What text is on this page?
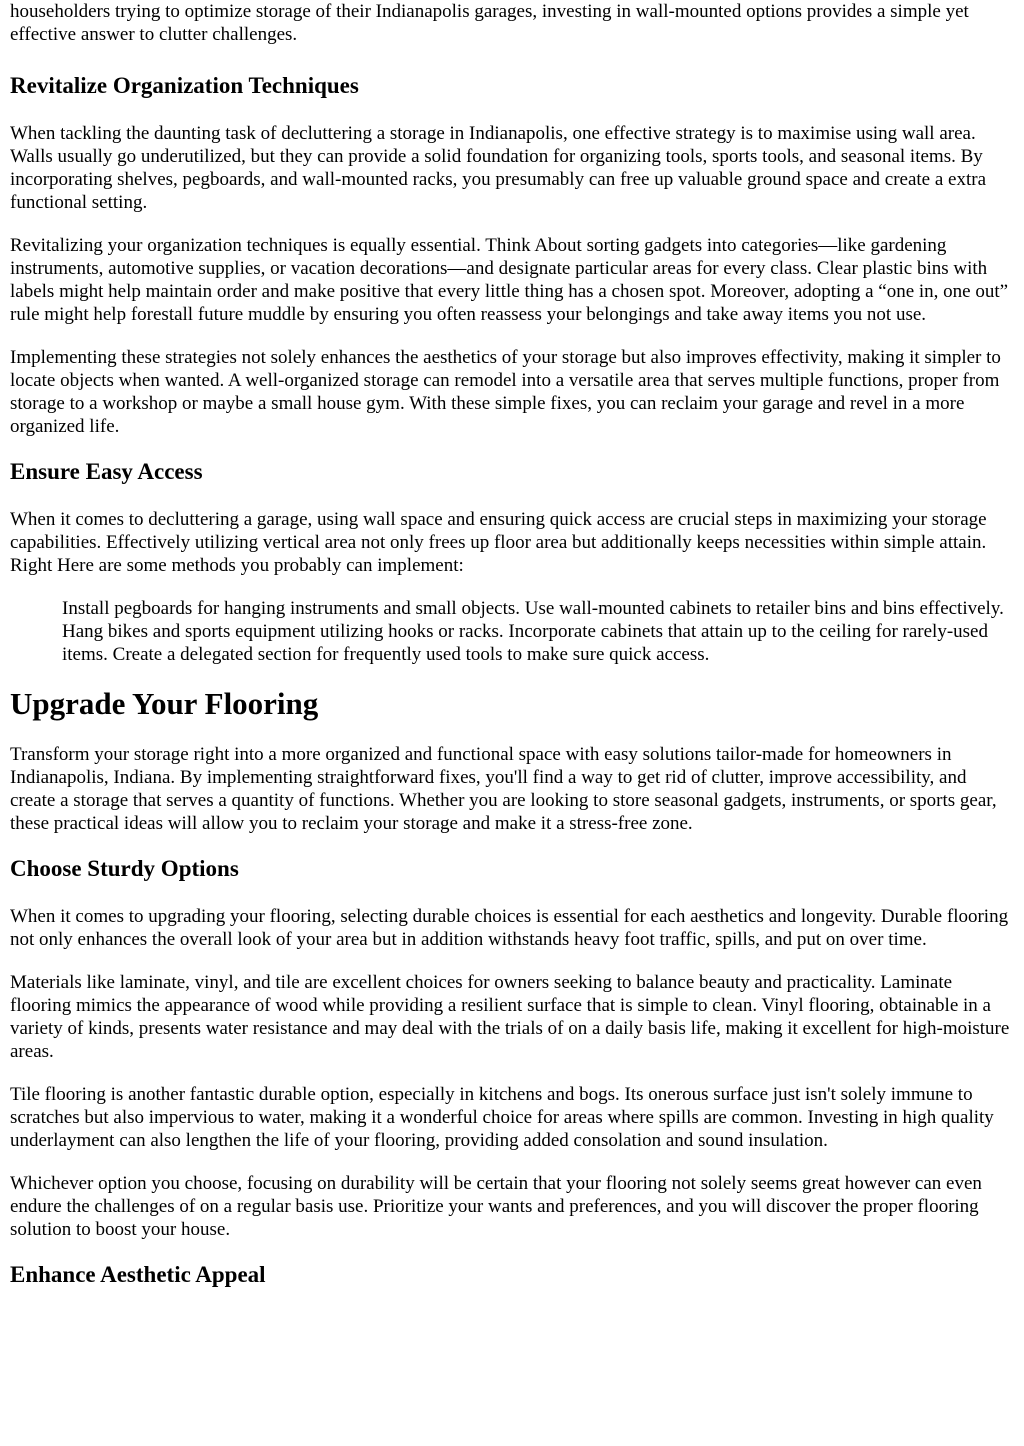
householders trying to optimize storage of their Indianapolis garages, investing in wall-mounted options provides a simple yet effective answer to clutter challenges.

Revitalize Organization Techniques

When tackling the daunting task of decluttering a storage in Indianapolis, one effective strategy is to maximise using wall area. Walls usually go underutilized, but they can provide a solid foundation for organizing tools, sports tools, and seasonal items. By incorporating shelves, pegboards, and wall-mounted racks, you presumably can free up valuable ground space and create a extra functional setting.

Revitalizing your organization techniques is equally essential. Think About sorting gadgets into categories—like gardening instruments, automotive supplies, or vacation decorations—and designate particular areas for every class. Clear plastic bins with labels might help maintain order and make positive that every little thing has a chosen spot. Moreover, adopting a “one in, one out” rule might help forestall future muddle by ensuring you often reassess your belongings and take away items you not use.

Implementing these strategies not solely enhances the aesthetics of your storage but also improves effectivity, making it simpler to locate objects when wanted. A well-organized storage can remodel into a versatile area that serves multiple functions, proper from storage to a workshop or maybe a small house gym. With these simple fixes, you can reclaim your garage and revel in a more organized life.

Ensure Easy Access

When it comes to decluttering a garage, using wall space and ensuring quick access are crucial steps in maximizing your storage capabilities. Effectively utilizing vertical area not only frees up floor area but additionally keeps necessities within simple attain. Right Here are some methods you probably can implement:

Install pegboards for hanging instruments and small objects. Use wall-mounted cabinets to retailer bins and bins effectively. Hang bikes and sports equipment utilizing hooks or racks. Incorporate cabinets that attain up to the ceiling for rarely-used items. Create a delegated section for frequently used tools to make sure quick access.
Upgrade Your Flooring

Transform your storage right into a more organized and functional space with easy solutions tailor-made for homeowners in Indianapolis, Indiana. By implementing straightforward fixes, you'll find a way to get rid of clutter, improve accessibility, and create a storage that serves a quantity of functions. Whether you are looking to store seasonal gadgets, instruments, or sports gear, these practical ideas will allow you to reclaim your storage and make it a stress-free zone.

Choose Sturdy Options

When it comes to upgrading your flooring, selecting durable choices is essential for each aesthetics and longevity. Durable flooring not only enhances the overall look of your area but in addition withstands heavy foot traffic, spills, and put on over time.

Materials like laminate, vinyl, and tile are excellent choices for owners seeking to balance beauty and practicality. Laminate flooring mimics the appearance of wood while providing a resilient surface that is simple to clean. Vinyl flooring, obtainable in a variety of kinds, presents water resistance and may deal with the trials of on a daily basis life, making it excellent for high-moisture areas.

Tile flooring is another fantastic durable option, especially in kitchens and bogs. Its onerous surface just isn't solely immune to scratches but also impervious to water, making it a wonderful choice for areas where spills are common. Investing in high quality underlayment can also lengthen the life of your flooring, providing added consolation and sound insulation.

Whichever option you choose, focusing on durability will be certain that your flooring not solely seems great however can even endure the challenges of on a regular basis use. Prioritize your wants and preferences, and you will discover the proper flooring solution to boost your house.

Enhance Aesthetic Appeal
